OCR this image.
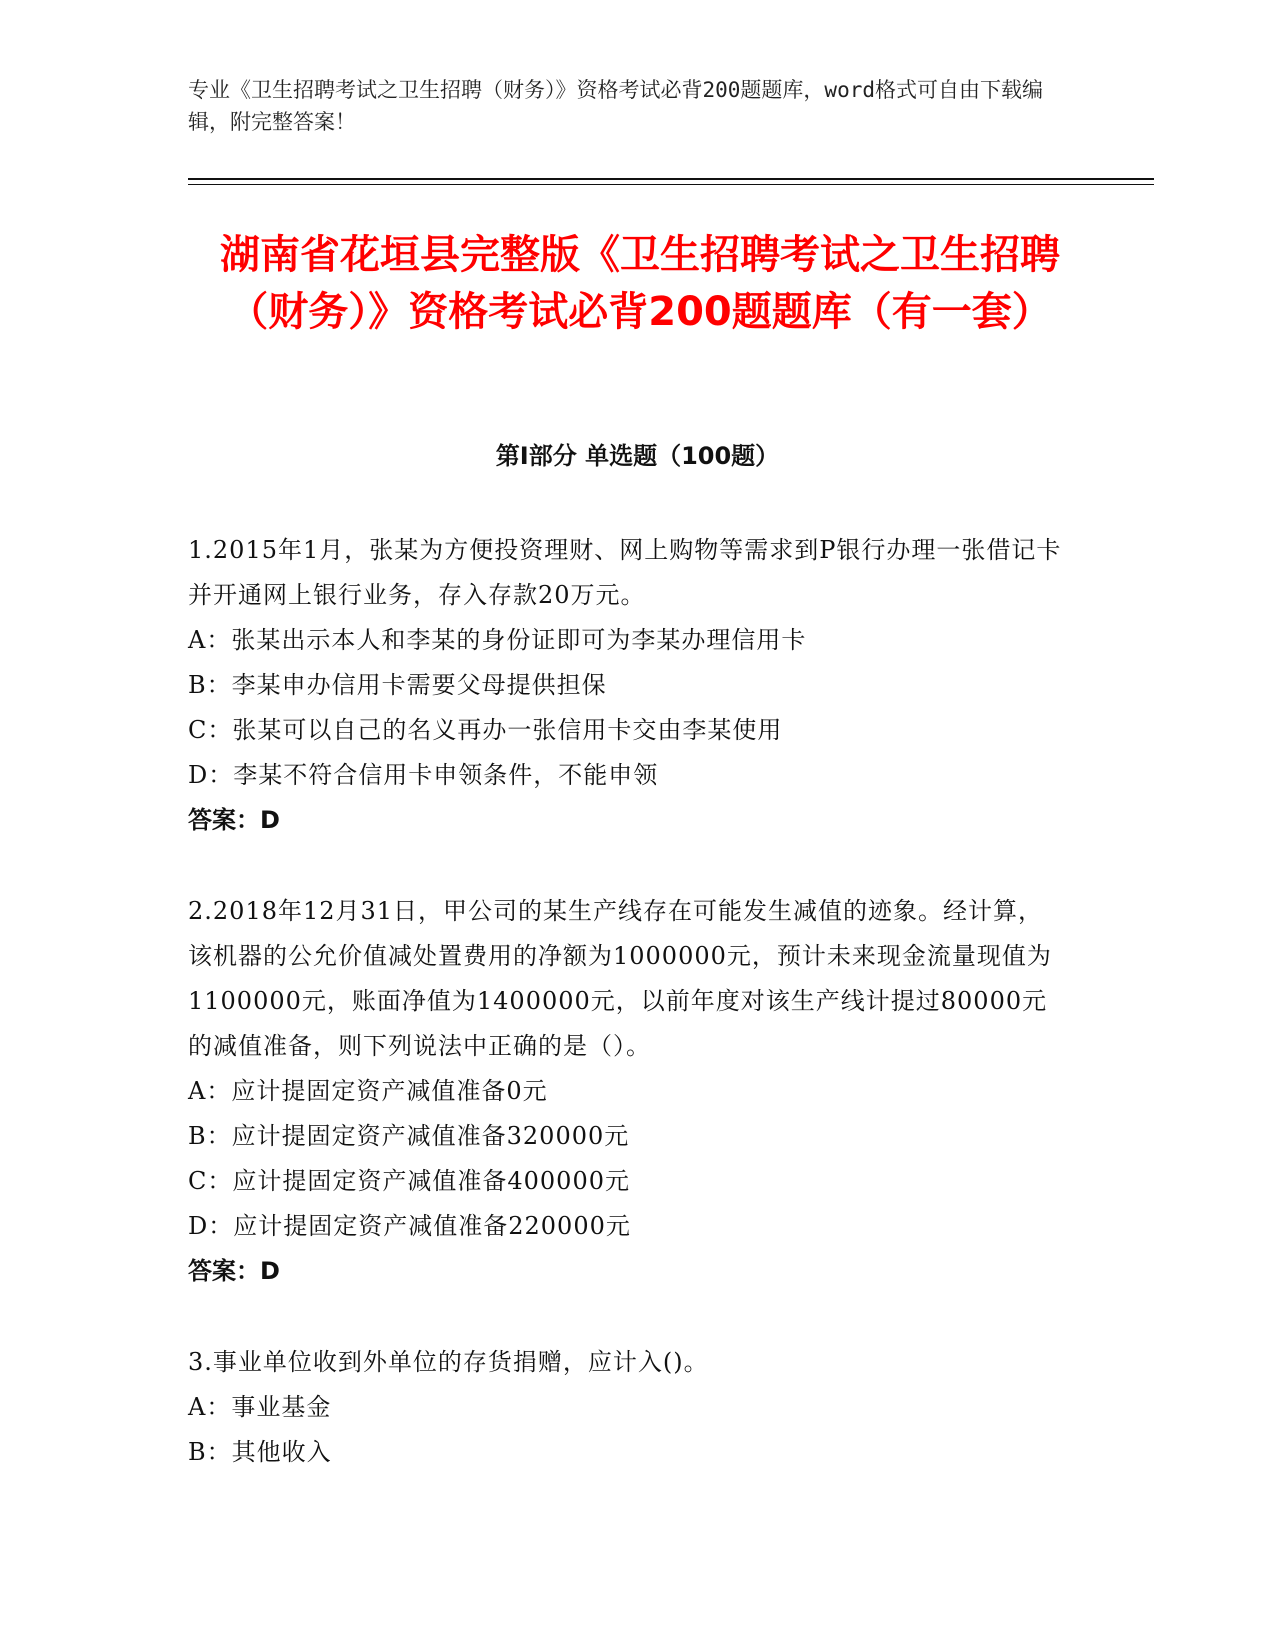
专业《卫生招聘考试之卫生招聘（财务）》资格考试必背200题题库，word格式可自由下载编辑，附完整答案！
湖南省花垣县完整版《卫生招聘考试之卫生招聘（财务）》资格考试必背200题题库（有一套）
第Ⅰ部分 单选题（100题）
1.2015年1月，张某为方便投资理财、网上购物等需求到P银行办理一张借记卡并开通网上银行业务，存入存款20万元。
A：张某出示本人和李某的身份证即可为李某办理信用卡
B：李某申办信用卡需要父母提供担保
C：张某可以自己的名义再办一张信用卡交由李某使用
D：李某不符合信用卡申领条件，不能申领
答案：D
2.2018年12月31日，甲公司的某生产线存在可能发生减值的迹象。经计算，该机器的公允价值减处置费用的净额为1000000元，预计未来现金流量现值为1100000元，账面净值为1400000元，以前年度对该生产线计提过80000元的减值准备，则下列说法中正确的是（）。
A：应计提固定资产减值准备0元
B：应计提固定资产减值准备320000元
C：应计提固定资产减值准备400000元
D：应计提固定资产减值准备220000元
答案：D
3.事业单位收到外单位的存货捐赠，应计入()。
A：事业基金
B：其他收入
